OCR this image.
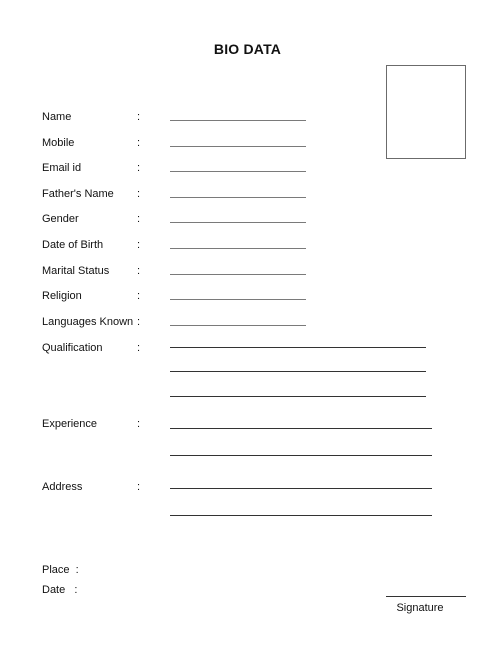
BIO DATA
Name	:
Mobile	:
Email id	:
Father's Name :
Gender	:
Date of Birth	:
Marital Status	:
Religion	:
Languages Known :
Qualification	:
Experience	:
Address	:
Place  :
Date   :
Signature
